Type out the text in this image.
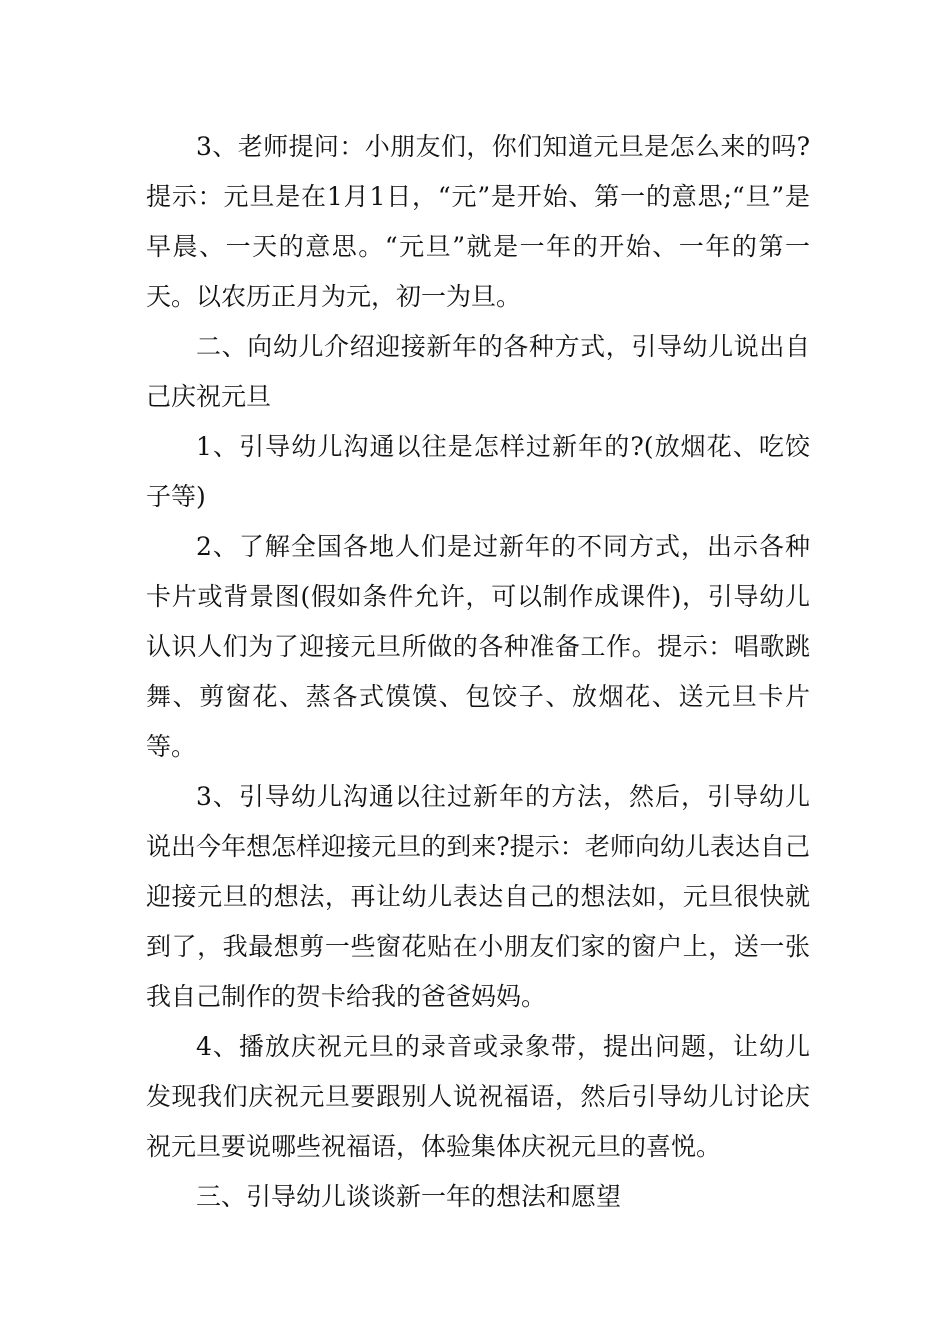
3、老师提问：小朋友们，你们知道元旦是怎么来的吗?提示：元旦是在1月1日，“元”是开始、第一的意思;“旦”是早晨、一天的意思。“元旦”就是一年的开始、一年的第一天。以农历正月为元，初一为旦。

二、向幼儿介绍迎接新年的各种方式，引导幼儿说出自己庆祝元旦

1、引导幼儿沟通以往是怎样过新年的?(放烟花、吃饺子等)

2、了解全国各地人们是过新年的不同方式，出示各种卡片或背景图(假如条件允许，可以制作成课件)，引导幼儿认识人们为了迎接元旦所做的各种准备工作。提示：唱歌跳舞、剪窗花、蒸各式馍馍、包饺子、放烟花、送元旦卡片等。

3、引导幼儿沟通以往过新年的方法，然后，引导幼儿说出今年想怎样迎接元旦的到来?提示：老师向幼儿表达自己迎接元旦的想法，再让幼儿表达自己的想法如，元旦很快就到了，我最想剪一些窗花贴在小朋友们家的窗户上，送一张我自己制作的贺卡给我的爸爸妈妈。

4、播放庆祝元旦的录音或录象带，提出问题，让幼儿发现我们庆祝元旦要跟别人说祝福语，然后引导幼儿讨论庆祝元旦要说哪些祝福语，体验集体庆祝元旦的喜悦。

三、引导幼儿谈谈新一年的想法和愿望
